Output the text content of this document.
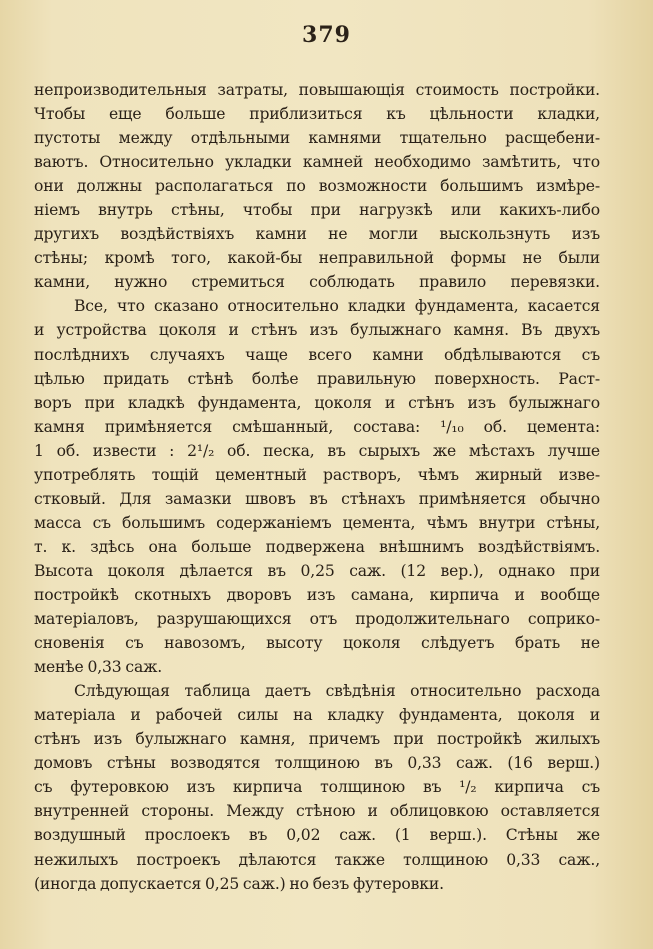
379
непроизводительныя затраты, повышающія стоимость постройки.
Чтобы еще больше приблизиться къ цѣльности кладки,
пустоты между отдѣльными камнями тщательно расщебени-
ваютъ. Относительно укладки камней необходимо замѣтить, что
они должны располагаться по возможности большимъ измѣре-
ніемъ внутрь стѣны, чтобы при нагрузкѣ или какихъ-либо
другихъ воздѣйствіяхъ камни не могли выскользнуть изъ
стѣны; кромѣ того, какой-бы неправильной формы не были
камни, нужно стремиться соблюдать правило перевязки.
Все, что сказано относительно кладки фундамента, касается
и устройства цоколя и стѣнъ изъ булыжнаго камня. Въ двухъ
послѣднихъ случаяхъ чаще всего камни обдѣлываются съ
цѣлью придать стѣнѣ болѣе правильную поверхность. Раст-
воръ при кладкѣ фундамента, цоколя и стѣнъ изъ булыжнаго
камня примѣняется смѣшанный, состава: ¹/₁₀ об. цемента:
1 об. извести : 2¹/₂ об. песка, въ сырыхъ же мѣстахъ лучше
употреблять тощій цементный растворъ, чѣмъ жирный изве-
стковый. Для замазки швовъ въ стѣнахъ примѣняется обычно
масса съ большимъ содержаніемъ цемента, чѣмъ внутри стѣны,
т. к. здѣсь она больше подвержена внѣшнимъ воздѣйствіямъ.
Высота цоколя дѣлается въ 0,25 саж. (12 вер.), однако при
постройкѣ скотныхъ дворовъ изъ самана, кирпича и вообще
матеріаловъ, разрушающихся отъ продолжительнаго соприко-
сновенія съ навозомъ, высоту цоколя слѣдуетъ брать не
менѣе 0,33 саж.
Слѣдующая таблица даетъ свѣдѣнія относительно расхода
матеріала и рабочей силы на кладку фундамента, цоколя и
стѣнъ изъ булыжнаго камня, причемъ при постройкѣ жилыхъ
домовъ стѣны возводятся толщиною въ 0,33 саж. (16 верш.)
съ футеровкою изъ кирпича толщиною въ ¹/₂ кирпича съ
внутренней стороны. Между стѣною и облицовкою оставляется
воздушный прослоекъ въ 0,02 саж. (1 верш.). Стѣны же
нежилыхъ построекъ дѣлаются также толщиною 0,33 саж.,
(иногда допускается 0,25 саж.) но безъ футеровки.
